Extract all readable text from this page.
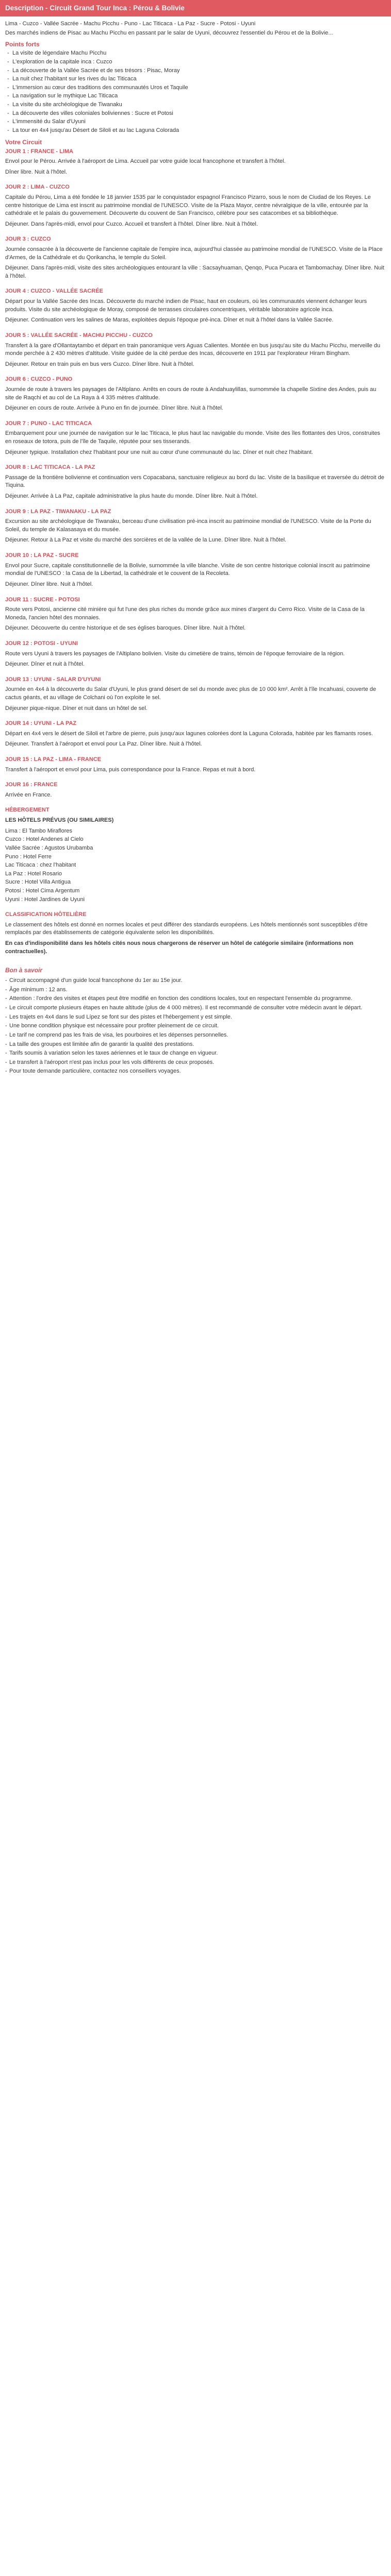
Description - Circuit Grand Tour Inca : Pérou & Bolivie

Lima - Cuzco - Vallée Sacrée - Machu Picchu - Puno - Lac Titicaca - La Paz - Sucre - Potosi - Uyuni

Des marchés indiens de Pisac au Machu Picchu en passant par le salar de Uyuni, découvrez l'essentiel du Pérou et de la Bolivie...

Points forts
- La visite de légendaire Machu Picchu
- L'exploration de la capitale inca : Cuzco
- La découverte de la Vallée Sacrée et de ses trésors : Pisac, Moray
- La nuit chez l'habitant sur les rives du lac Titicaca
- L'immersion au cœur des traditions des communautés Uros et Taquile
- La navigation sur le mythique Lac Titicaca
- La visite du site archéologique de Tiwanaku
- La découverte des villes coloniales boliviennes : Sucre et Potosi
- L'immensité du Salar d'Uyuni
- La tour en 4x4 jusqu'au Désert de Siloli et au lac Laguna Colorada
Votre Circuit
JOUR 1 : FRANCE - LIMA

Envol pour le Pérou. Arrivée à l'aéroport de Lima. Accueil par votre guide local francophone et transfert à l'hôtel.

Dîner libre. Nuit à l'hôtel.

JOUR 2 : LIMA - CUZCO

Capitale du Pérou, Lima a été fondée le 18 janvier 1535 par le conquistador espagnol Francisco Pizarro, sous le nom de Ciudad de los Reyes. Le centre historique de Lima est inscrit au patrimoine mondial de l'UNESCO. Visite de la Plaza Mayor, centre névralgique de la ville, entourée par la cathédrale et le palais du gouvernement. Découverte du couvent de San Francisco, célèbre pour ses catacombes et sa bibliothèque.

Déjeuner. Dans l'après-midi, envol pour Cuzco. Accueil et transfert à l'hôtel. Dîner libre. Nuit à l'hôtel.

JOUR 3 : CUZCO

Journée consacrée à la découverte de l'ancienne capitale de l'empire inca, aujourd'hui classée au patrimoine mondial de l'UNESCO. Visite de la Place d'Armes, de la Cathédrale et du Qorikancha, le temple du Soleil.

Déjeuner. Dans l'après-midi, visite des sites archéologiques entourant la ville : Sacsayhuaman, Qenqo, Puca Pucara et Tambomachay. Dîner libre. Nuit à l'hôtel.

JOUR 4 : CUZCO - VALLÉE SACRÉE

Départ pour la Vallée Sacrée des Incas. Découverte du marché indien de Pisac, haut en couleurs, où les communautés viennent échanger leurs produits. Visite du site archéologique de Moray, composé de terrasses circulaires concentriques, véritable laboratoire agricole inca.

Déjeuner. Continuation vers les salines de Maras, exploitées depuis l'époque pré-inca. Dîner et nuit à l'hôtel dans la Vallée Sacrée.

JOUR 5 : VALLÉE SACRÉE - MACHU PICCHU - CUZCO

Transfert à la gare d'Ollantaytambo et départ en train panoramique vers Aguas Calientes. Montée en bus jusqu'au site du Machu Picchu, merveille du monde perchée à 2 430 mètres d'altitude. Visite guidée de la cité perdue des Incas, découverte en 1911 par l'explorateur Hiram Bingham.

Déjeuner. Retour en train puis en bus vers Cuzco. Dîner libre. Nuit à l'hôtel.

JOUR 6 : CUZCO - PUNO

Journée de route à travers les paysages de l'Altiplano. Arrêts en cours de route à Andahuaylillas, surnommée la chapelle Sixtine des Andes, puis au site de Raqchi et au col de La Raya à 4 335 mètres d'altitude.

Déjeuner en cours de route. Arrivée à Puno en fin de journée. Dîner libre. Nuit à l'hôtel.

JOUR 7 : PUNO - LAC TITICACA

Embarquement pour une journée de navigation sur le lac Titicaca, le plus haut lac navigable du monde. Visite des îles flottantes des Uros, construites en roseaux de totora, puis de l'île de Taquile, réputée pour ses tisserands.

Déjeuner typique. Installation chez l'habitant pour une nuit au cœur d'une communauté du lac. Dîner et nuit chez l'habitant.

JOUR 8 : LAC TITICACA - LA PAZ

Passage de la frontière bolivienne et continuation vers Copacabana, sanctuaire religieux au bord du lac. Visite de la basilique et traversée du détroit de Tiquina.

Déjeuner. Arrivée à La Paz, capitale administrative la plus haute du monde. Dîner libre. Nuit à l'hôtel.

JOUR 9 : LA PAZ - TIWANAKU - LA PAZ

Excursion au site archéologique de Tiwanaku, berceau d'une civilisation pré-inca inscrit au patrimoine mondial de l'UNESCO. Visite de la Porte du Soleil, du temple de Kalasasaya et du musée.

Déjeuner. Retour à La Paz et visite du marché des sorcières et de la vallée de la Lune. Dîner libre. Nuit à l'hôtel.

JOUR 10 : LA PAZ - SUCRE

Envol pour Sucre, capitale constitutionnelle de la Bolivie, surnommée la ville blanche. Visite de son centre historique colonial inscrit au patrimoine mondial de l'UNESCO : la Casa de la Libertad, la cathédrale et le couvent de la Recoleta.

Déjeuner. Dîner libre. Nuit à l'hôtel.

JOUR 11 : SUCRE - POTOSI

Route vers Potosi, ancienne cité minière qui fut l'une des plus riches du monde grâce aux mines d'argent du Cerro Rico. Visite de la Casa de la Moneda, l'ancien hôtel des monnaies.

Déjeuner. Découverte du centre historique et de ses églises baroques. Dîner libre. Nuit à l'hôtel.

JOUR 12 : POTOSI - UYUNI

Route vers Uyuni à travers les paysages de l'Altiplano bolivien. Visite du cimetière de trains, témoin de l'époque ferroviaire de la région.

Déjeuner. Dîner et nuit à l'hôtel.

JOUR 13 : UYUNI - SALAR D'UYUNI

Journée en 4x4 à la découverte du Salar d'Uyuni, le plus grand désert de sel du monde avec plus de 10 000 km². Arrêt à l'île Incahuasi, couverte de cactus géants, et au village de Colchani où l'on exploite le sel.

Déjeuner pique-nique. Dîner et nuit dans un hôtel de sel.

JOUR 14 : UYUNI - LA PAZ

Départ en 4x4 vers le désert de Siloli et l'arbre de pierre, puis jusqu'aux lagunes colorées dont la Laguna Colorada, habitée par les flamants roses.

Déjeuner. Transfert à l'aéroport et envol pour La Paz. Dîner libre. Nuit à l'hôtel.

JOUR 15 : LA PAZ - LIMA - FRANCE

Transfert à l'aéroport et envol pour Lima, puis correspondance pour la France. Repas et nuit à bord.

JOUR 16 : FRANCE

Arrivée en France.

HÉBERGEMENT

LES HÔTELS PRÉVUS (OU SIMILAIRES)

Lima : El Tambo Miraflores
Cuzco : Hotel Andenes al Cielo
Vallée Sacrée : Agustos Urubamba
Puno : Hotel Ferre
Lac Titicaca : chez l'habitant
La Paz : Hotel Rosario
Sucre : Hotel Villa Antigua
Potosi : Hotel Cima Argentum
Uyuni : Hotel Jardines de Uyuni
CLASSIFICATION HÔTELIÈRE

Le classement des hôtels est donné en normes locales et peut différer des standards européens. Les hôtels mentionnés sont susceptibles d'être remplacés par des établissements de catégorie équivalente selon les disponibilités.

En cas d'indisponibilité dans les hôtels cités nous nous chargerons de réserver un hôtel de catégorie similaire (informations non contractuelles).

Bon à savoir
- Circuit accompagné d'un guide local francophone du 1er au 15e jour.
- Âge minimum : 12 ans.
- Attention : l'ordre des visites et étapes peut être modifié en fonction des conditions locales, tout en respectant l'ensemble du programme.
- Le circuit comporte plusieurs étapes en haute altitude (plus de 4 000 mètres). Il est recommandé de consulter votre médecin avant le départ.
- Les trajets en 4x4 dans le sud Lípez se font sur des pistes et l'hébergement y est simple.
- Une bonne condition physique est nécessaire pour profiter pleinement de ce circuit.
- Le tarif ne comprend pas les frais de visa, les pourboires et les dépenses personnelles.
- La taille des groupes est limitée afin de garantir la qualité des prestations.
- Tarifs soumis à variation selon les taxes aériennes et le taux de change en vigueur.
- Le transfert à l'aéroport n'est pas inclus pour les vols différents de ceux proposés.
- Pour toute demande particulière, contactez nos conseillers voyages.
